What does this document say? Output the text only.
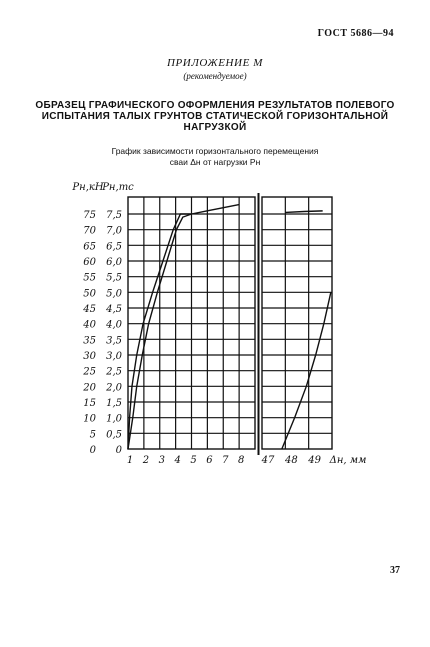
ГОСТ 5686—94
ПРИЛОЖЕНИЕ М
(рекомендуемое)
ОБРАЗЕЦ ГРАФИЧЕСКОГО ОФОРМЛЕНИЯ РЕЗУЛЬТАТОВ ПОЛЕВОГО
ИСПЫТАНИЯ ТАЛЫХ ГРУНТОВ СТАТИЧЕСКОЙ ГОРИЗОНТАЛЬНОЙ
НАГРУЗКОЙ
График зависимости горизонтального перемещения
сваи Δн от нагрузки Pн
Pн,кН
Pн,тс
75
70
65
60
55
50
45
40
35
30
25
20
15
10
5
0
7,5
7,0
6,5
6,0
5,5
5,0
4,5
4,0
3,5
3,0
2,5
2,0
1,5
1,0
0,5
0
1 2 3 4 5 6 7 8 47 48 49 Δн, мм
37
